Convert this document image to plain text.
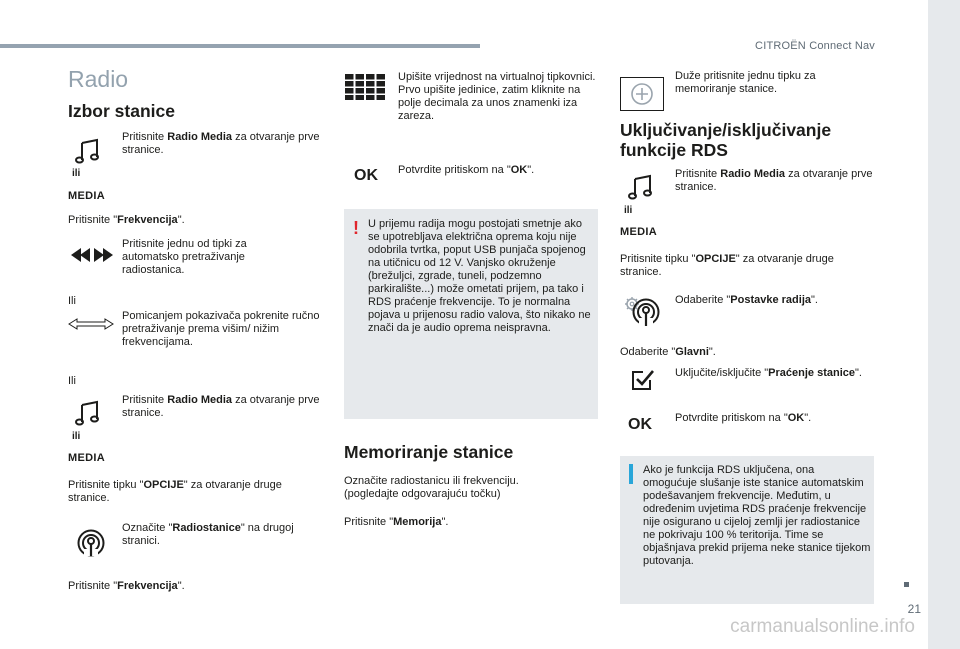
CITROËN Connect Nav
21
carmanualsonline.info
Radio
Izbor stanice
ili
MEDIA
Pritisnite Radio Media za otvaranje prve stranice.
Pritisnite "Frekvencija".
Pritisnite jednu od tipki za automatsko pretraživanje radiostanica.
Ili
Pomicanjem pokazivača pokrenite ručno pretraživanje prema višim/ nižim frekvencijama.
Ili
Pritisnite Radio Media za otvaranje prve stranice.
ili
MEDIA
Pritisnite tipku "OPCIJE" za otvaranje druge stranice.
Označite "Radiostanice" na drugoj stranici.
Pritisnite "Frekvencija".
Upišite vrijednost na virtualnoj tipkovnici. Prvo upišite jedinice, zatim kliknite na polje decimala za unos znamenki iza zareza.
OK Potvrdite pritiskom na "OK".
! U prijemu radija mogu postojati smetnje ako se upotrebljava električna oprema koju nije odobrila tvrtka, poput USB punjača spojenog na utičnicu od 12 V. Vanjsko okruženje (brežuljci, zgrade, tuneli, podzemno parkiralište...) može ometati prijem, pa tako i RDS praćenje frekvencije. To je normalna pojava u prijenosu radio valova, što nikako ne znači da je audio oprema neispravna.
Memoriranje stanice
Označite radiostanicu ili frekvenciju. (pogledajte odgovarajuću točku)
Pritisnite "Memorija".
Duže pritisnite jednu tipku za memoriranje stanice.
Uključivanje/isključivanje
funkcije RDS
Pritisnite Radio Media za otvaranje prve stranice.
ili
MEDIA
Pritisnite tipku "OPCIJE" za otvaranje druge stranice.
Odaberite "Postavke radija".
Odaberite "Glavni".
Uključite/isključite "Praćenje stanice".
OK Potvrdite pritiskom na "OK".
Ako je funkcija RDS uključena, ona omogućuje slušanje iste stanice automatskim podešavanjem frekvencije. Međutim, u određenim uvjetima RDS praćenje frekvencije nije osigurano u cijeloj zemlji jer radiostanice ne pokrivaju 100 % teritorija. Time se objašnjava prekid prijema neke stanice tijekom putovanja.
